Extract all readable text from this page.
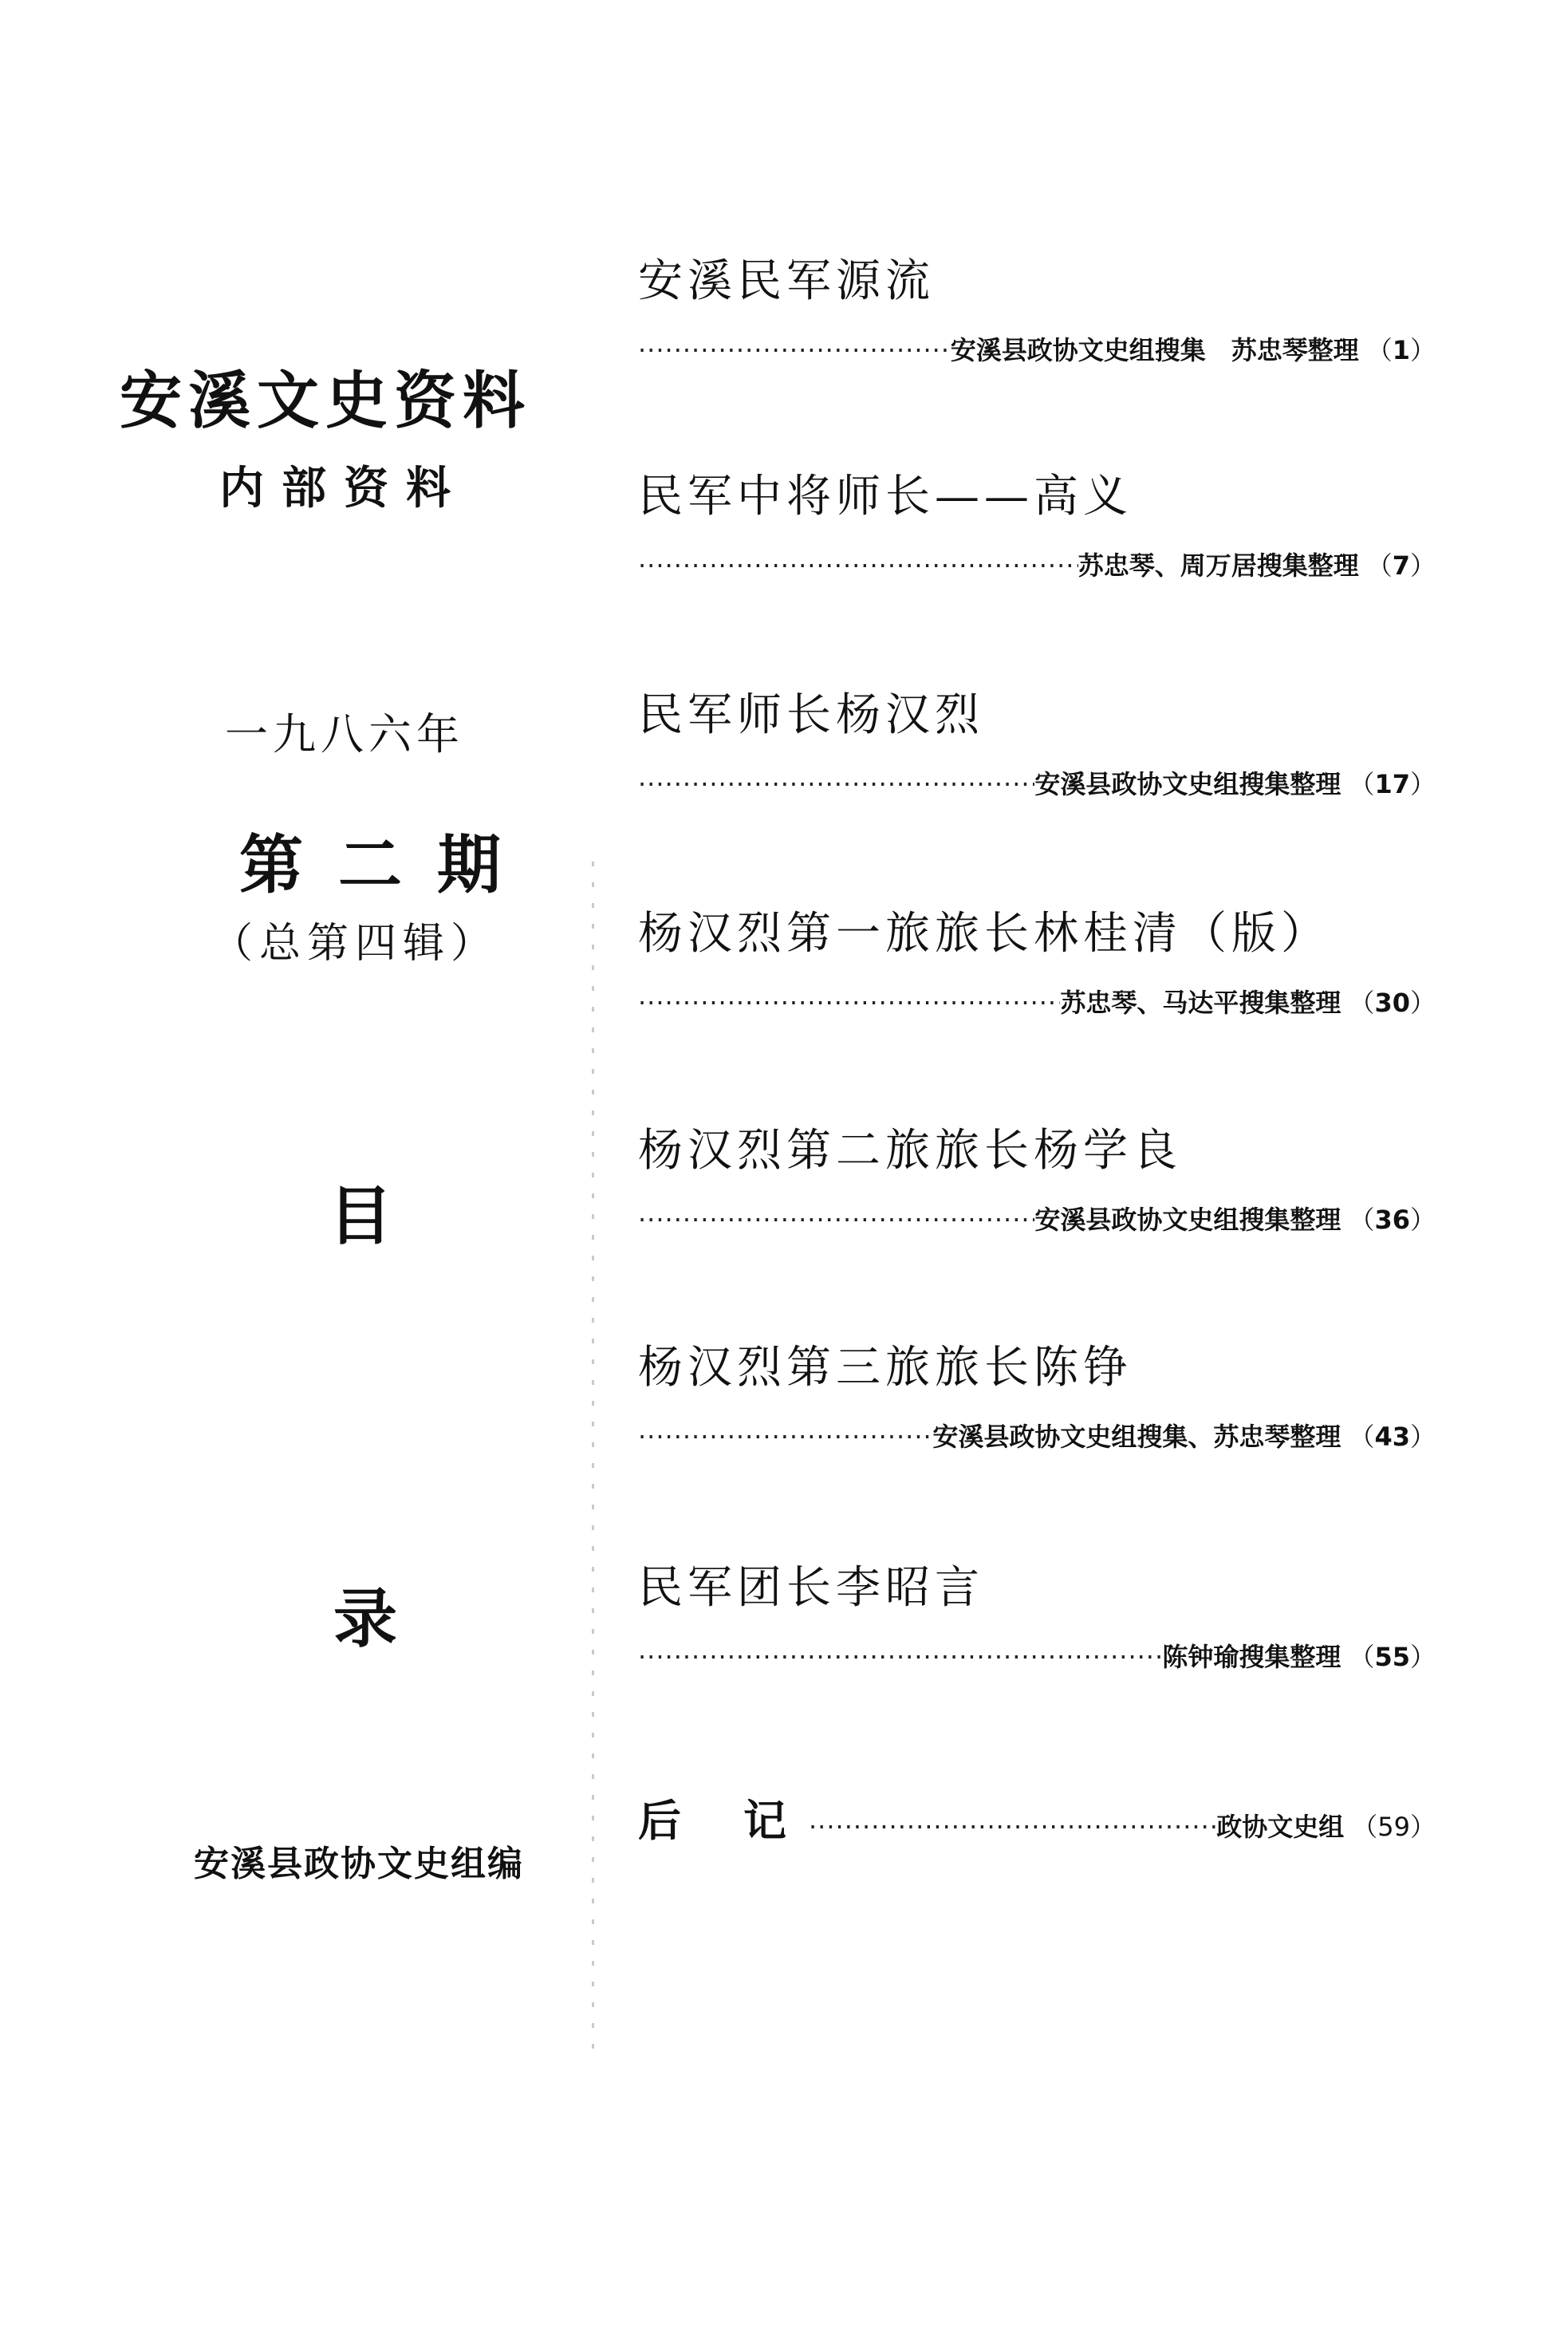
安溪文史资料
内部资料
一九八六年
第二期
（总第四辑）
目
录
安溪县政协文史组编
安溪民军源流
·····
安溪县政协文史组搜集　苏忠琴整理 （1）
民军中将师长——高义
·····
苏忠琴、周万居搜集整理 （7）
民军师长杨汉烈
·····
安溪县政协文史组搜集整理 （17）
杨汉烈第一旅旅长林桂清（版）
·····
苏忠琴、马达平搜集整理 （30）
杨汉烈第二旅旅长杨学良
·····
安溪县政协文史组搜集整理 （36）
杨汉烈第三旅旅长陈铮
·····
安溪县政协文史组搜集、苏忠琴整理 （43）
民军团长李昭言
·····
陈钟瑜搜集整理 （55）
后记
·····	政协文史组 （59）
